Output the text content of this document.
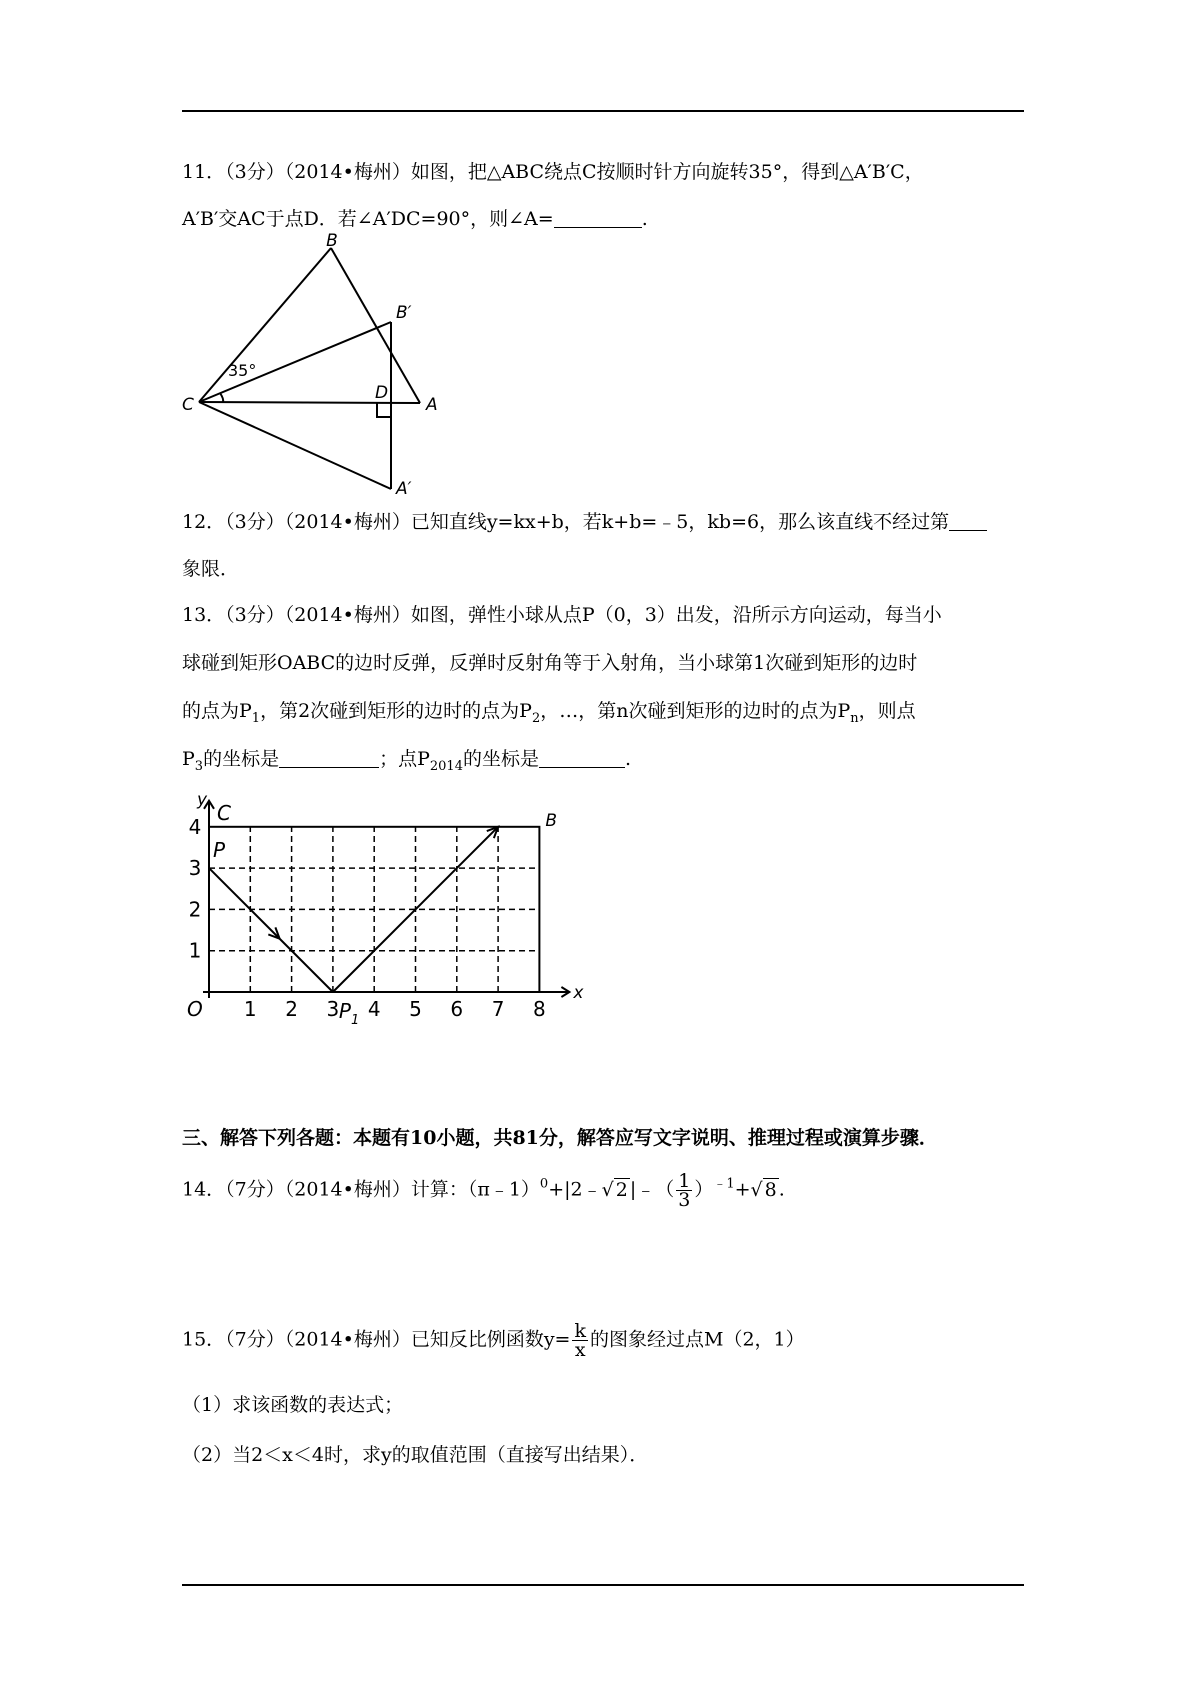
11．（3分）（2014•梅州）如图，把△ABC绕点C按顺时针方向旋转35°，得到△A′B′C，
A′B′交AC于点D．若∠A′DC=90°，则∠A=	.
B
B′
C
D
A
A′
35°
12．（3分）（2014•梅州）已知直线y=kx+b，若k+b=﹣5，kb=6，那么该直线不经过第
象限．
13．（3分）（2014•梅州）如图，弹性小球从点P（0，3）出发，沿所示方向运动，每当小
球碰到矩形OABC的边时反弹，反弹时反射角等于入射角，当小球第1次碰到矩形的边时
的点为$P_1$，第2次碰到矩形的边时的点为$P_2$，…，第n次碰到矩形的边时的点为$P_n$，则点
$P_3$的坐标是	；点$P_{2014}$的坐标是	.
1 2 3 4 5 6 7 8
1
2
3
4
x
y
O
C	B
P
$P_1$
三、解答下列各题：本题有10小题，共81分，解答应写文字说明、推理过程或演算步骤．
14．（7分）（2014•梅州）计算：（π﹣1）$^0$+|2﹣√ 2 |﹣（ $\frac{1}{3} )^{﹣1}+√$ 8 .
15．（7分）（2014•梅州）已知反比例函数$y= \frac{k}{x}$ 的图象经过点M（2，1）
（1）求该函数的表达式；
（2）当2＜x＜4时，求y的取值范围（直接写出结果）．
